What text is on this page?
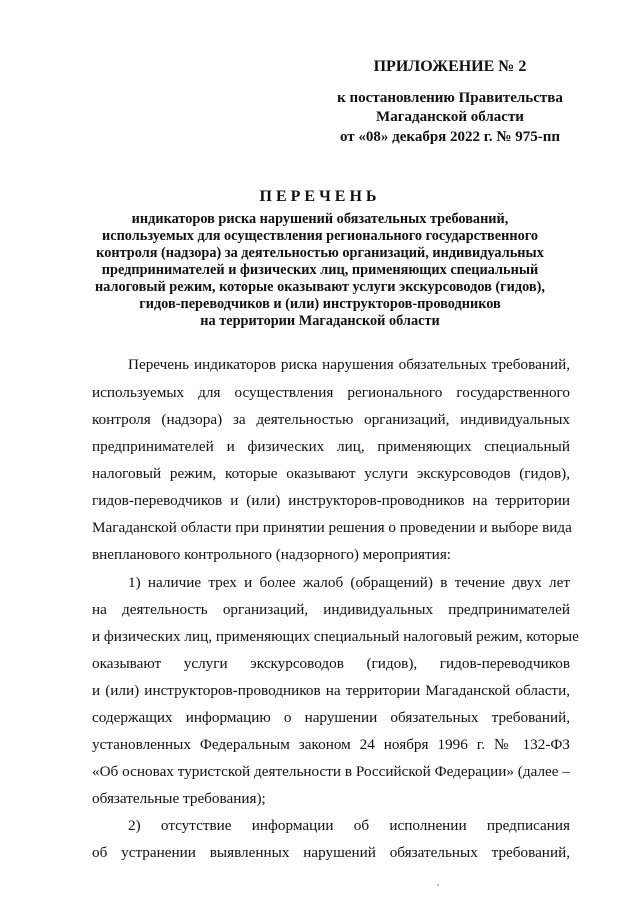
ПРИЛОЖЕНИЕ № 2
к постановлению Правительства
Магаданской области
от «08» декабря 2022 г. № 975-пп
ПЕРЕЧЕНЬ
индикаторов риска нарушений обязательных требований,
используемых для осуществления регионального государственного
контроля (надзора) за деятельностью организаций, индивидуальных
предпринимателей и физических лиц, применяющих специальный
налоговый режим, которые оказывают услуги экскурсоводов (гидов),
гидов-переводчиков и (или) инструкторов-проводников
на территории Магаданской области
Перечень индикаторов риска нарушения обязательных требований,
используемых для осуществления регионального государственного
контроля (надзора) за деятельностью организаций, индивидуальных
предпринимателей и физических лиц, применяющих специальный
налоговый режим, которые оказывают услуги экскурсоводов (гидов),
гидов-переводчиков и (или) инструкторов-проводников на территории
Магаданской области при принятии решения о проведении и выборе вида
внепланового контрольного (надзорного) мероприятия:
1) наличие трех и более жалоб (обращений) в течение двух лет
на деятельность организаций, индивидуальных предпринимателей
и физических лиц, применяющих специальный налоговый режим, которые
оказывают услуги экскурсоводов (гидов), гидов-переводчиков
и (или) инструкторов-проводников на территории Магаданской области,
содержащих информацию о нарушении обязательных требований,
установленных Федеральным законом 24 ноября 1996 г. № 132-ФЗ
«Об основах туристской деятельности в Российской Федерации» (далее –
обязательные требования);
2) отсутствие информации об исполнении предписания
об устранении выявленных нарушений обязательных требований,
